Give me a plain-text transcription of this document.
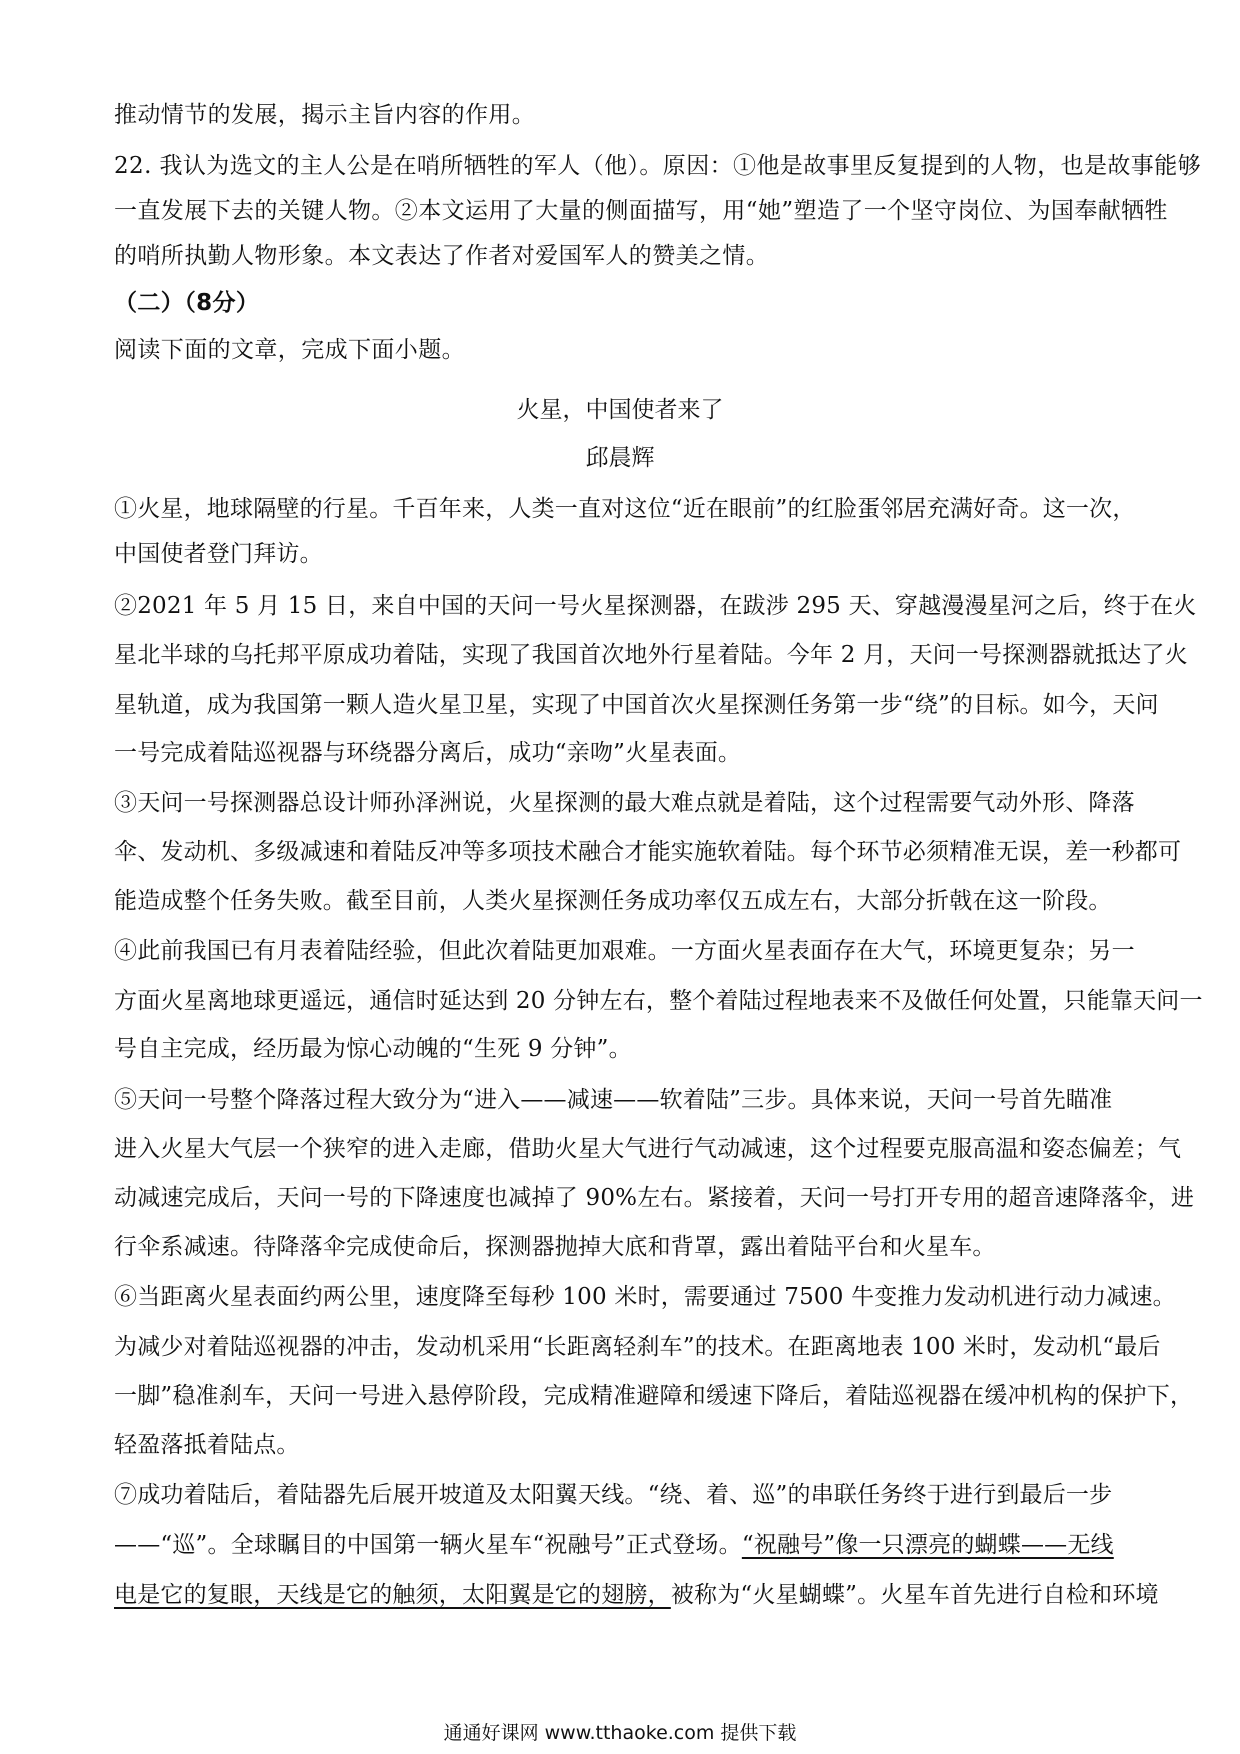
推动情节的发展，揭示主旨内容的作用。
22. 我认为选文的主人公是在哨所牺牲的军人（他）。原因：①他是故事里反复提到的人物，也是故事能够
一直发展下去的关键人物。②本文运用了大量的侧面描写，用“她”塑造了一个坚守岗位、为国奉献牺牲
的哨所执勤人物形象。本文表达了作者对爱国军人的赞美之情。
（二）（8分）
阅读下面的文章，完成下面小题。
火星，中国使者来了
邱晨辉
①火星，地球隔壁的行星。千百年来，人类一直对这位“近在眼前”的红脸蛋邻居充满好奇。这一次，
中国使者登门拜访。
②2021 年 5 月 15 日，来自中国的天问一号火星探测器，在跋涉 295 天、穿越漫漫星河之后，终于在火
星北半球的乌托邦平原成功着陆，实现了我国首次地外行星着陆。今年 2 月，天问一号探测器就抵达了火
星轨道，成为我国第一颗人造火星卫星，实现了中国首次火星探测任务第一步“绕”的目标。如今，天问
一号完成着陆巡视器与环绕器分离后，成功“亲吻”火星表面。
③天问一号探测器总设计师孙泽洲说，火星探测的最大难点就是着陆，这个过程需要气动外形、降落
伞、发动机、多级减速和着陆反冲等多项技术融合才能实施软着陆。每个环节必须精准无误，差一秒都可
能造成整个任务失败。截至目前，人类火星探测任务成功率仅五成左右，大部分折戟在这一阶段。
④此前我国已有月表着陆经验，但此次着陆更加艰难。一方面火星表面存在大气，环境更复杂；另一
方面火星离地球更遥远，通信时延达到 20 分钟左右，整个着陆过程地表来不及做任何处置，只能靠天问一
号自主完成，经历最为惊心动魄的“生死 9 分钟”。
⑤天问一号整个降落过程大致分为“进入——减速——软着陆”三步。具体来说，天问一号首先瞄准
进入火星大气层一个狭窄的进入走廊，借助火星大气进行气动减速，这个过程要克服高温和姿态偏差；气
动减速完成后，天问一号的下降速度也减掉了 90%左右。紧接着，天问一号打开专用的超音速降落伞，进
行伞系减速。待降落伞完成使命后，探测器抛掉大底和背罩，露出着陆平台和火星车。
⑥当距离火星表面约两公里，速度降至每秒 100 米时，需要通过 7500 牛变推力发动机进行动力减速。
为减少对着陆巡视器的冲击，发动机采用“长距离轻刹车”的技术。在距离地表 100 米时，发动机“最后
一脚”稳准刹车，天问一号进入悬停阶段，完成精准避障和缓速下降后，着陆巡视器在缓冲机构的保护下，
轻盈落抵着陆点。
⑦成功着陆后，着陆器先后展开坡道及太阳翼天线。“绕、着、巡”的串联任务终于进行到最后一步
——“巡”。全球瞩目的中国第一辆火星车“祝融号”正式登场。“祝融号”像一只漂亮的蝴蝶——无线
电是它的复眼，天线是它的触须，太阳翼是它的翅膀，被称为“火星蝴蝶”。火星车首先进行自检和环境
通通好课网 www.tthaoke.com 提供下载
